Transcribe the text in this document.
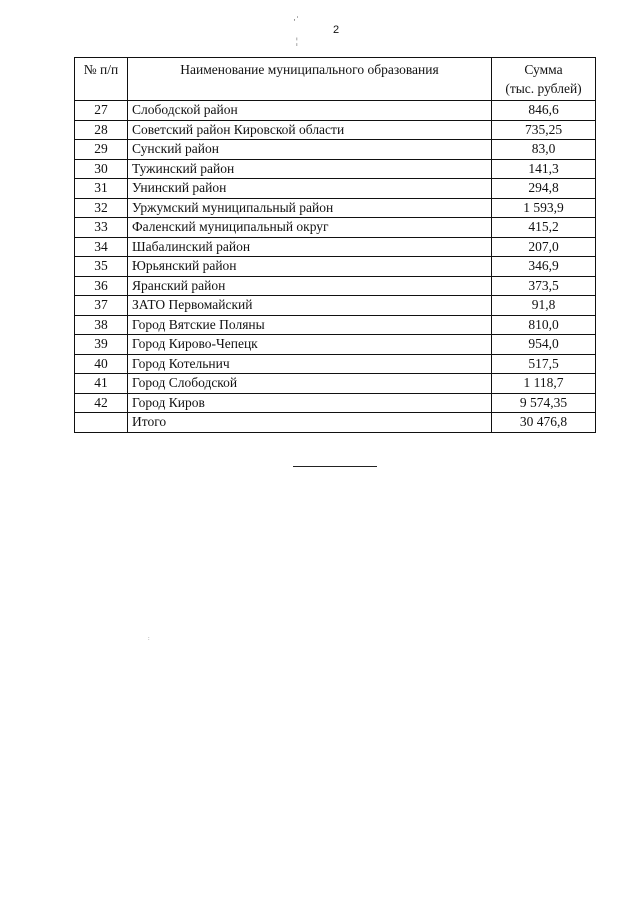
2
·˙
¦
:
№ п/п	Наименование муниципального образования	Сумма
(тыс. рублей)

27	Слободской район	846,6
28	Советский район Кировской области	735,25
29	Сунский район	83,0
30	Тужинский район	141,3
31	Унинский район	294,8
32	Уржумский муниципальный район	1 593,9
33	Фаленский муниципальный округ	415,2
34	Шабалинский район	207,0
35	Юрьянский район	346,9
36	Яранский район	373,5
37	ЗАТО Первомайский	91,8
38	Город Вятские Поляны	810,0
39	Город Кирово-Чепецк	954,0
40	Город Котельнич	517,5
41	Город Слободской	1 118,7
42	Город Киров	9 574,35
	Итого	30 476,8
